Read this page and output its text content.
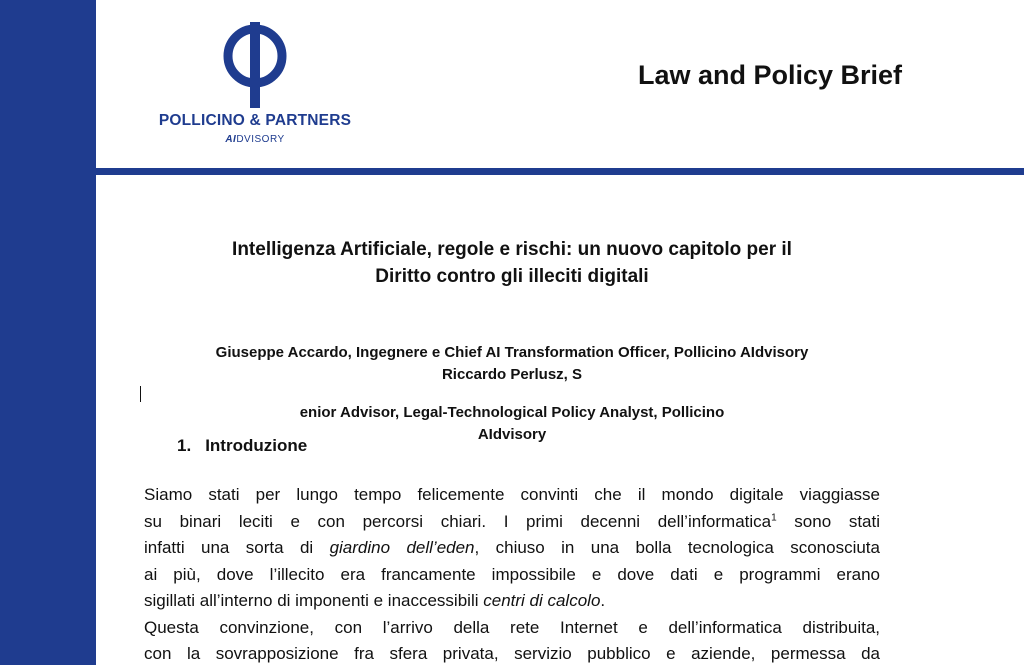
POLLICINO & PARTNERS
AIDVISORY
Law and Policy Brief
Intelligenza Artificiale, regole e rischi: un nuovo capitolo per il
Diritto contro gli illeciti digitali
Giuseppe Accardo, Ingegnere e Chief AI Transformation Officer, Pollicino AIdvisory
Riccardo Perlusz, S
enior Advisor, Legal-Technological Policy Analyst, Pollicino
AIdvisory
1. Introduzione
Siamo stati per lungo tempo felicemente convinti che il mondo digitale viaggiasse
su binari leciti e con percorsi chiari. I primi decenni dell’informatica$^1$ sono stati
infatti una sorta di giardino dell’eden, chiuso in una bolla tecnologica sconosciuta
ai più, dove l’illecito era francamente impossibile e dove dati e programmi erano
sigillati all’interno di imponenti e inaccessibili centri di calcolo.
Questa convinzione, con l’arrivo della rete Internet e dell’informatica distribuita,
con la sovrapposizione fra sfera privata, servizio pubblico e aziende, permessa da
